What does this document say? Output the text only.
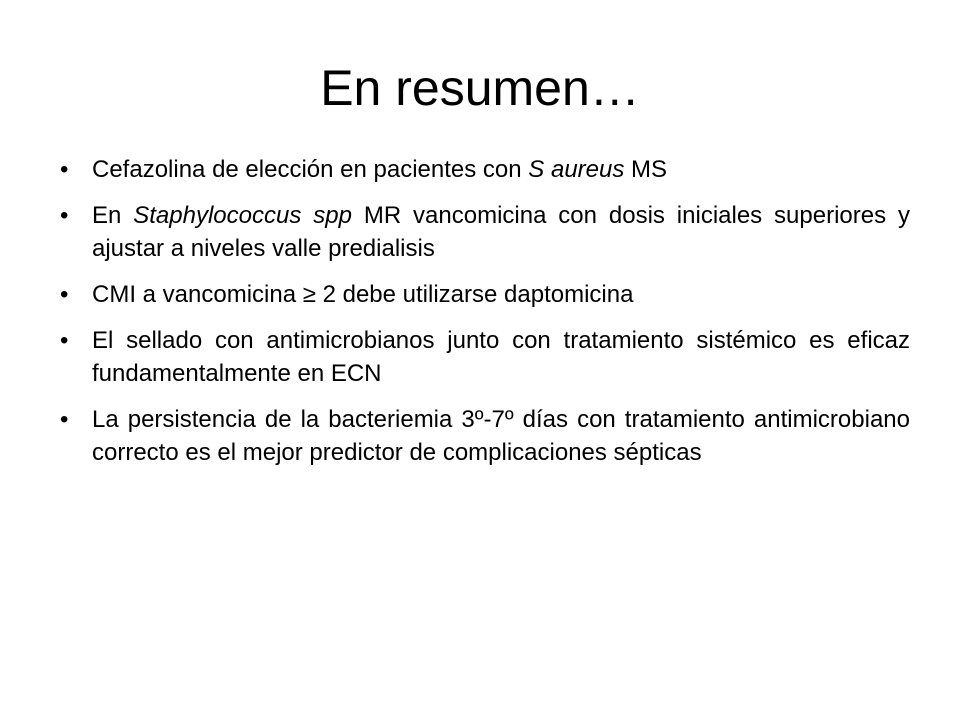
En resumen…
• Cefazolina de elección en pacientes con S aureus MS
• En Staphylococcus spp MR vancomicina con dosis iniciales superiores y ajustar a niveles valle predialisis
• CMI a vancomicina ≥ 2 debe utilizarse daptomicina
• El sellado con antimicrobianos junto con tratamiento sistémico es eficaz fundamentalmente en ECN
• La persistencia de la bacteriemia 3º-7º días con tratamiento antimicrobiano correcto es el mejor predictor de complicaciones sépticas
